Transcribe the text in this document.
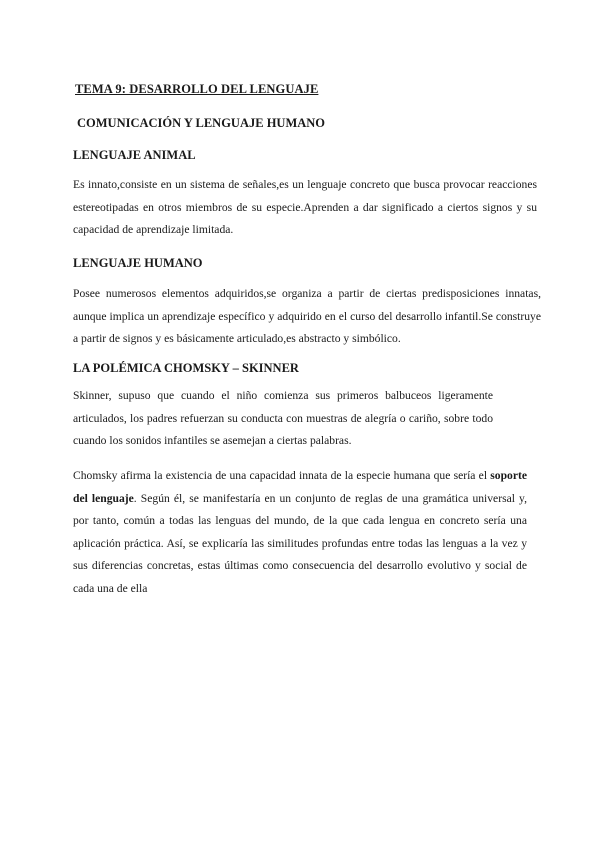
TEMA 9: DESARROLLO DEL LENGUAJE
COMUNICACIÓN Y LENGUAJE HUMANO
LENGUAJE ANIMAL

Es innato,consiste en un sistema de señales,es un lenguaje concreto que busca provocar reacciones estereotipadas en otros miembros de su especie.Aprenden a dar significado a ciertos signos y su capacidad de aprendizaje limitada.

LENGUAJE HUMANO

Posee numerosos elementos adquiridos,se organiza a partir de ciertas predisposiciones innatas, aunque implica un aprendizaje específico y adquirido en el curso del desarrollo infantil.Se construye a partir de signos y es básicamente articulado,es abstracto y simbólico.

LA POLÉMICA CHOMSKY – SKINNER

Skinner, supuso que cuando el niño comienza sus primeros balbuceos ligeramente articulados, los padres refuerzan su conducta con muestras de alegría o cariño, sobre todo cuando los sonidos infantiles se asemejan a ciertas palabras.

Chomsky afirma la existencia de una capacidad innata de la especie humana que sería el soporte del lenguaje. Según él, se manifestaría en un conjunto de reglas de una gramática universal y, por tanto, común a todas las lenguas del mundo, de la que cada lengua en concreto sería una aplicación práctica. Así, se explicaría las similitudes profundas entre todas las lenguas a la vez y sus diferencias concretas, estas últimas como consecuencia del desarrollo evolutivo y social de cada una de ella
